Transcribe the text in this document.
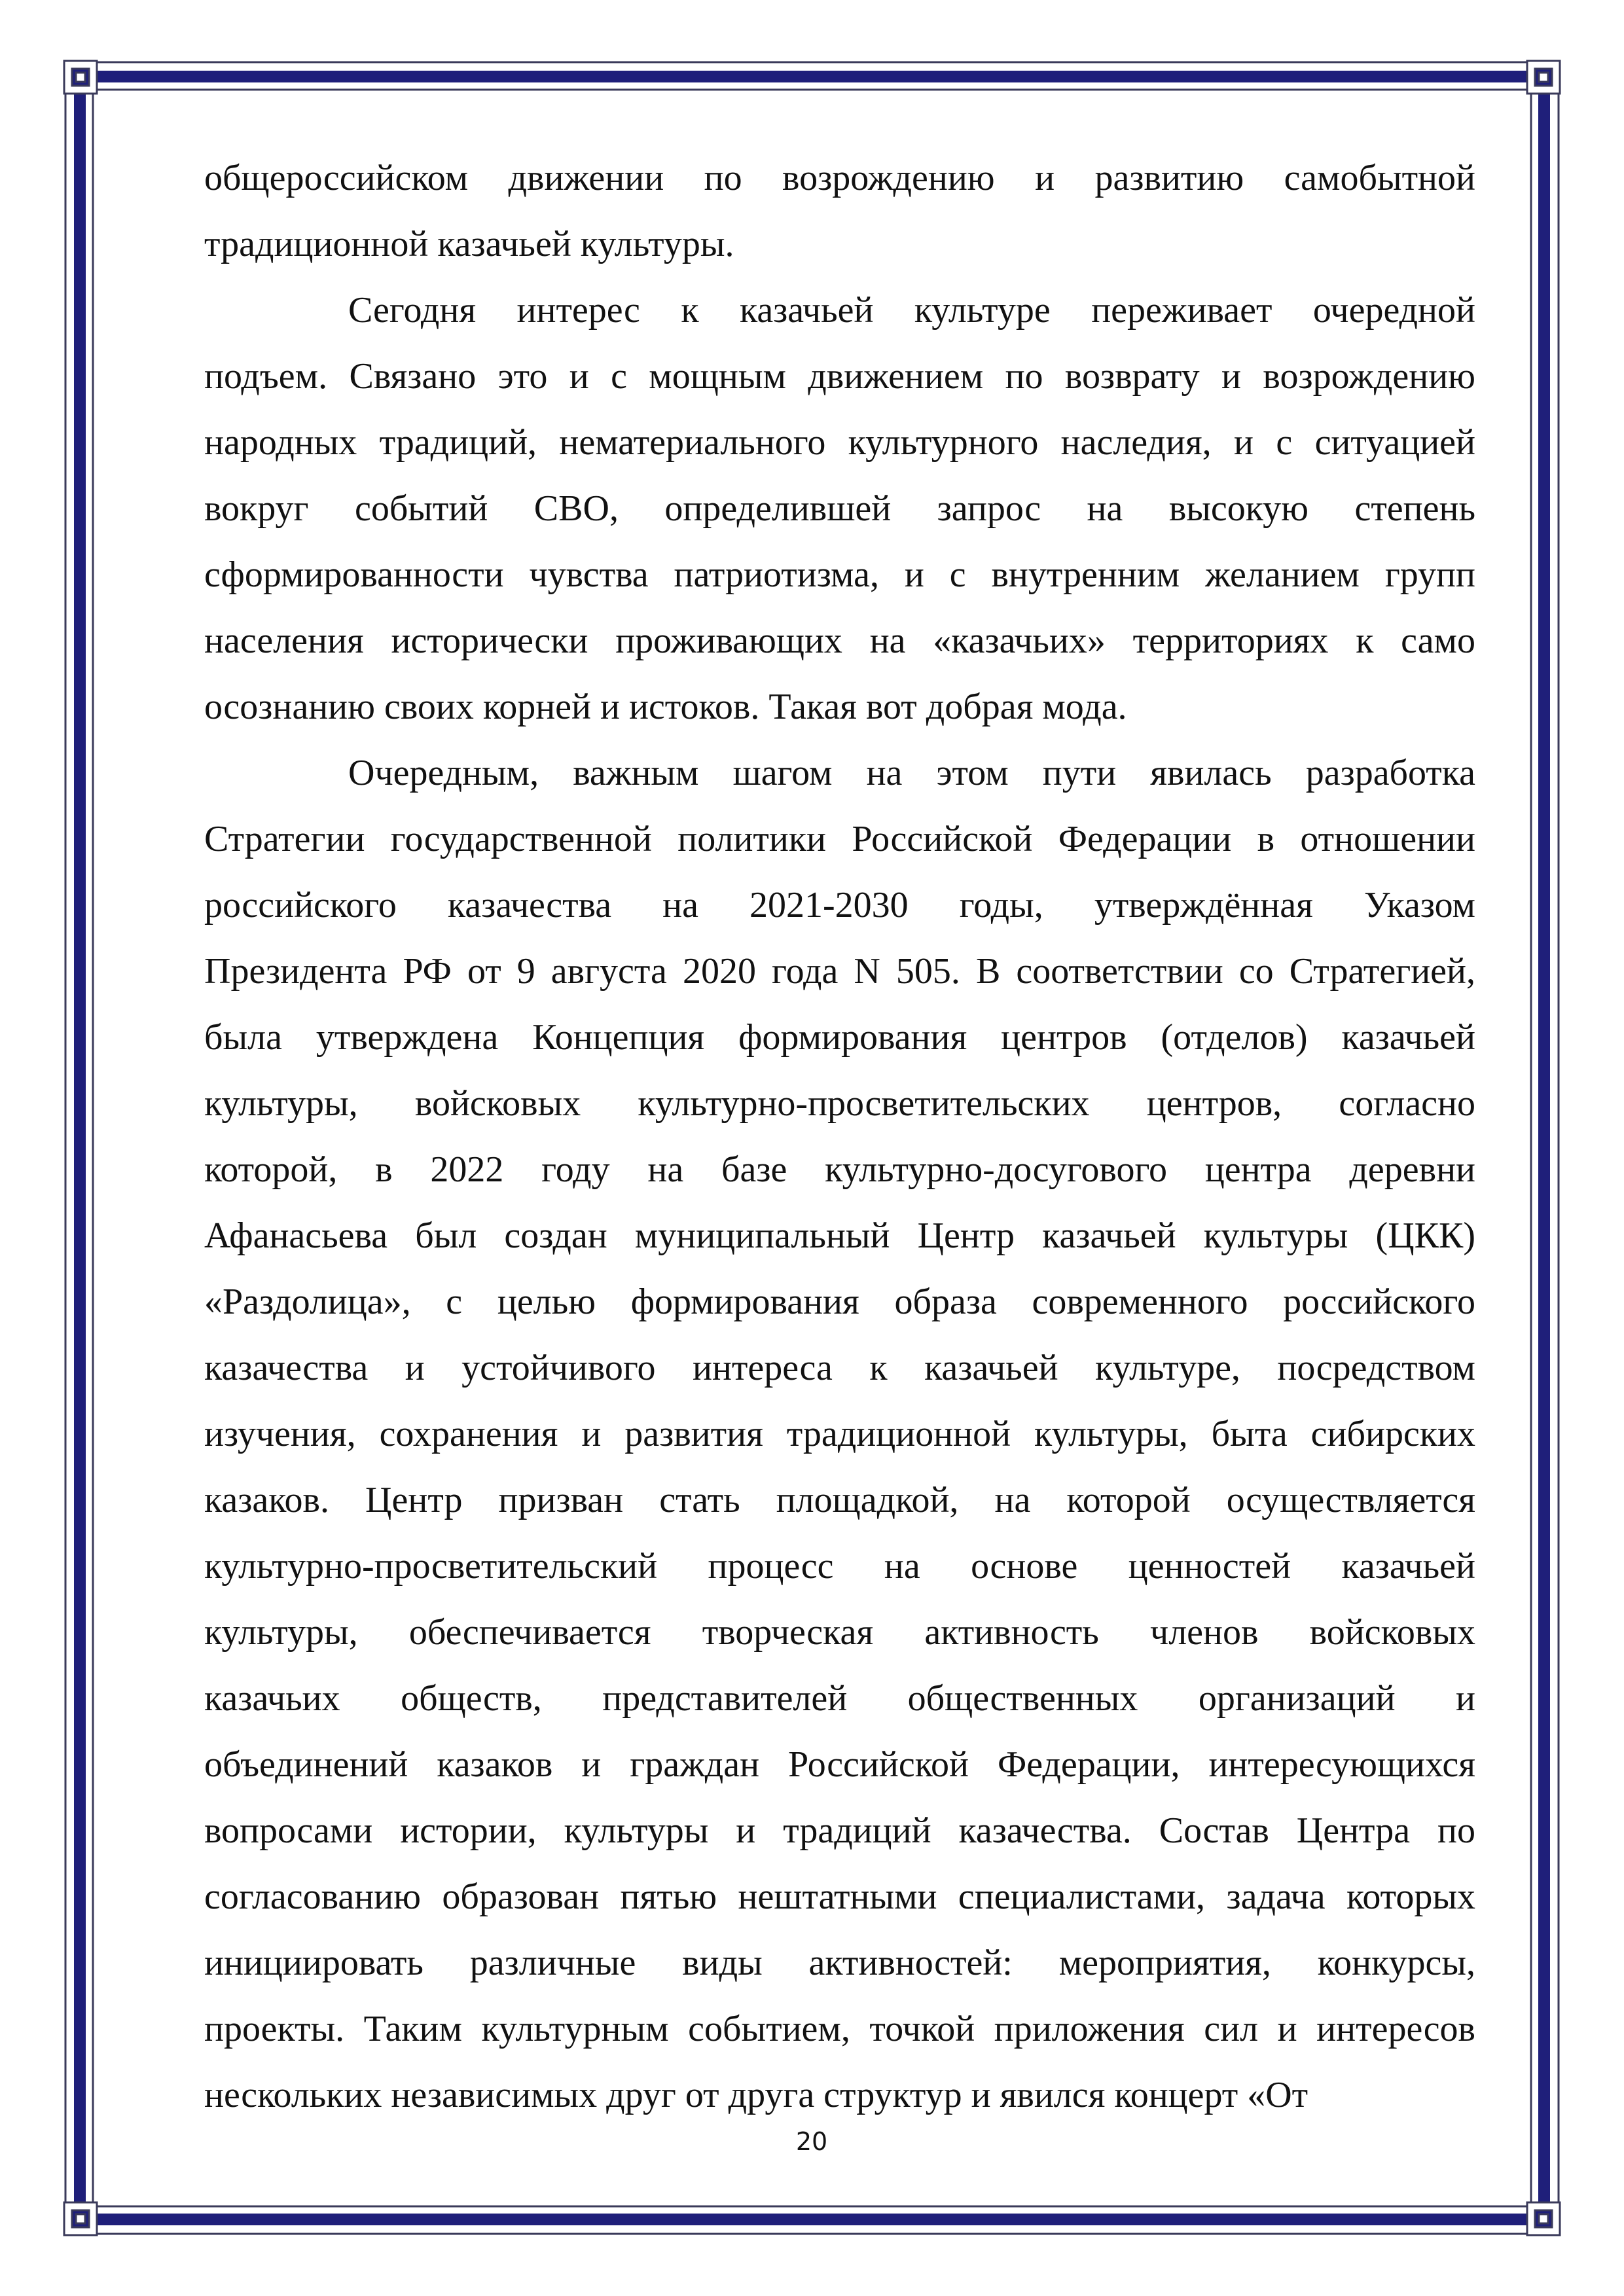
общероссийском движении по возрождению и развитию самобытной
традиционной казачьей культуры.
Сегодня интерес к казачьей культуре переживает очередной
подъем. Связано это и с мощным движением по возврату и возрождению
народных традиций, нематериального культурного наследия, и с ситуацией
вокруг событий СВО, определившей запрос на высокую степень
сформированности чувства патриотизма, и с внутренним желанием групп
населения исторически проживающих на «казачьих» территориях к само
осознанию своих корней и истоков. Такая вот добрая мода.
Очередным, важным шагом на этом пути явилась разработка
Стратегии государственной политики Российской Федерации в отношении
российского казачества на 2021-2030 годы, утверждённая Указом
Президента РФ от 9 августа 2020 года N 505. В соответствии со Стратегией,
была утверждена Концепция формирования центров (отделов) казачьей
культуры, войсковых культурно-просветительских центров, согласно
которой, в 2022 году на базе культурно-досугового центра деревни
Афанасьева был создан муниципальный Центр казачьей культуры (ЦКК)
«Раздолица», с целью формирования образа современного российского
казачества и устойчивого интереса к казачьей культуре, посредством
изучения, сохранения и развития традиционной культуры, быта сибирских
казаков. Центр призван стать площадкой, на которой осуществляется
культурно-просветительский процесс на основе ценностей казачьей
культуры, обеспечивается творческая активность членов войсковых
казачьих обществ, представителей общественных организаций и
объединений казаков и граждан Российской Федерации, интересующихся
вопросами истории, культуры и традиций казачества. Состав Центра по
согласованию образован пятью нештатными специалистами, задача которых
инициировать различные виды активностей: мероприятия, конкурсы,
проекты. Таким культурным событием, точкой приложения сил и интересов
нескольких независимых друг от друга структур и явился концерт «От
20
